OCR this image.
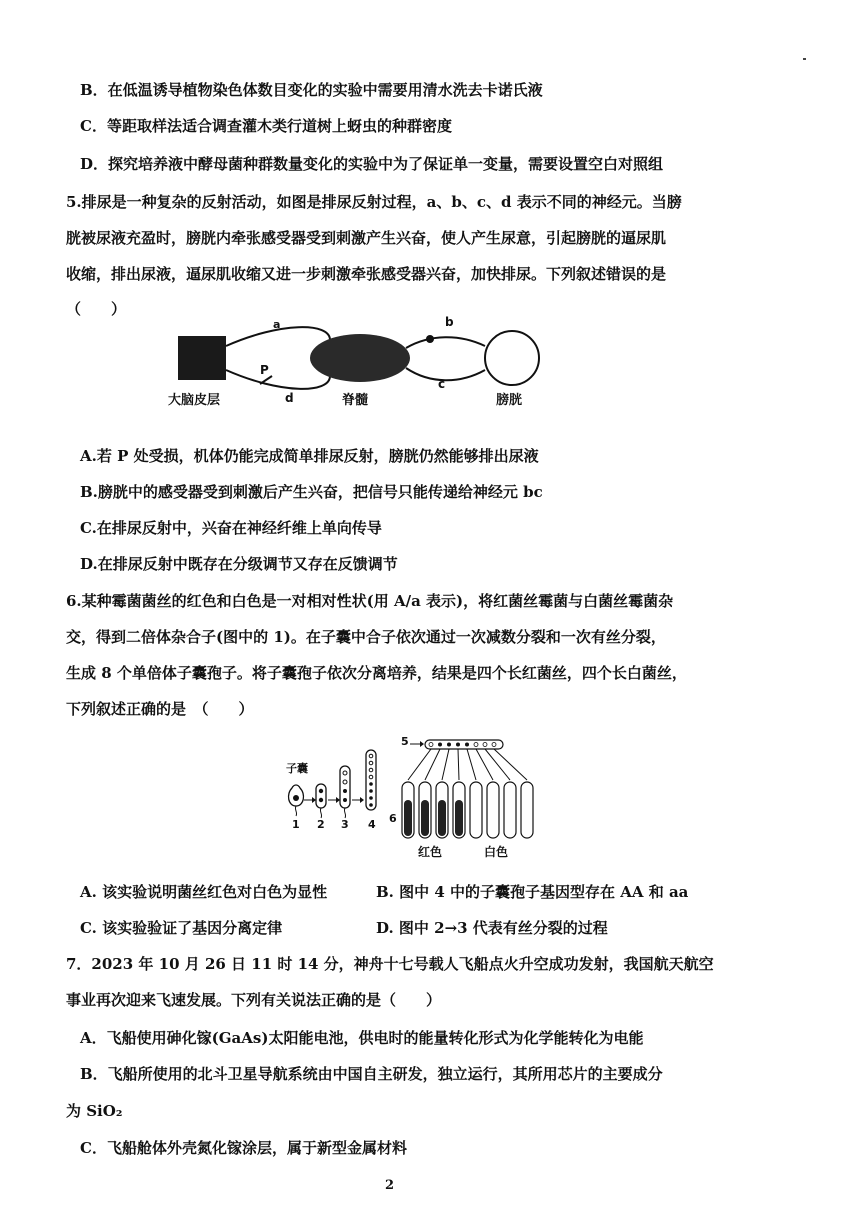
B．在低温诱导植物染色体数目变化的实验中需要用清水洗去卡诺氏液
C．等距取样法适合调查灌木类行道树上蚜虫的种群密度
D．探究培养液中酵母菌种群数量变化的实验中为了保证单一变量，需要设置空白对照组
5.排尿是一种复杂的反射活动，如图是排尿反射过程，a、b、c、d 表示不同的神经元。当膀
胱被尿液充盈时，膀胱内牵张感受器受到刺激产生兴奋，使人产生尿意，引起膀胱的逼尿肌
收缩，排出尿液，逼尿肌收缩又进一步刺激牵张感受器兴奋，加快排尿。下列叙述错误的是
（　　）
a	b
c
d
P
大脑皮层	脊髓	膀胱
A.若 P 处受损，机体仍能完成简单排尿反射，膀胱仍然能够排出尿液
B.膀胱中的感受器受到刺激后产生兴奋，把信号只能传递给神经元 bc
C.在排尿反射中，兴奋在神经纤维上单向传导
D.在排尿反射中既存在分级调节又存在反馈调节
6.某种霉菌菌丝的红色和白色是一对相对性状(用 A/a 表示)，将红菌丝霉菌与白菌丝霉菌杂
交，得到二倍体杂合子(图中的 1)。在子囊中合子依次通过一次减数分裂和一次有丝分裂，
生成 8 个单倍体子囊孢子。将子囊孢子依次分离培养，结果是四个长红菌丝，四个长白菌丝，
下列叙述正确的是　（　　）
子囊
1 2 3 4
5
6
红色	白色
A. 该实验说明菌丝红色对白色为显性	B. 图中 4 中的子囊孢子基因型存在 AA 和 aa
C. 该实验验证了基因分离定律	D. 图中 2→3 代表有丝分裂的过程
7．2023 年 10 月 26 日 11 时 14 分，神舟十七号载人飞船点火升空成功发射，我国航天航空
事业再次迎来飞速发展。下列有关说法正确的是（　　）
A．飞船使用砷化镓(GaAs)太阳能电池，供电时的能量转化形式为化学能转化为电能
B．飞船所使用的北斗卫星导航系统由中国自主研发，独立运行，其所用芯片的主要成分
为 SiO₂
C．飞船舱体外壳氮化镓涂层，属于新型金属材料
2
